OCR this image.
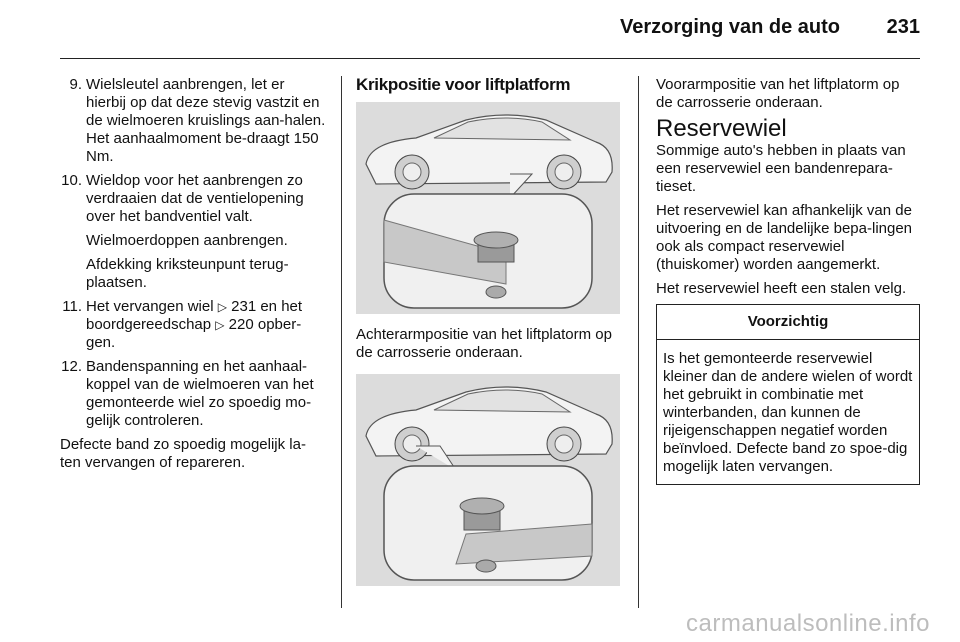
Verzorging van de auto 231
9. Wielsleutel aanbrengen, let er hierbij op dat deze stevig vastzit en de wielmoeren kruislings aan-halen. Het aanhaalmoment be-draagt 150 Nm.
10. Wieldop voor het aanbrengen zo verdraaien dat de ventielopening over het bandventiel valt.
Wielmoerdoppen aanbrengen.
Afdekking kriksteunpunt terug-plaatsen.
11. Het vervangen wiel ▷ 231 en het boordgereedschap ▷ 220 opber-gen.
12. Bandenspanning en het aanhaal-koppel van de wielmoeren van het gemonteerde wiel zo spoedig mo-gelijk controleren.

Defecte band zo spoedig mogelijk la-ten vervangen of repareren.

Krikpositie voor liftplatform

Achterarmpositie van het liftplatorm op de carrosserie onderaan.

Voorarmpositie van het liftplatorm op de carrosserie onderaan.

Reservewiel

Sommige auto's hebben in plaats van een reservewiel een bandenrepara-tieset.

Het reservewiel kan afhankelijk van de uitvoering en de landelijke bepa-lingen ook als compact reservewiel (thuiskomer) worden aangemerkt.

Het reservewiel heeft een stalen velg.

Voorzichtig
Is het gemonteerde reservewiel kleiner dan de andere wielen of wordt het gebruikt in combinatie met winterbanden, dan kunnen de rijeigenschappen negatief worden beïnvloed. Defecte band zo spoe-dig mogelijk laten vervangen.
carmanualsonline.info
